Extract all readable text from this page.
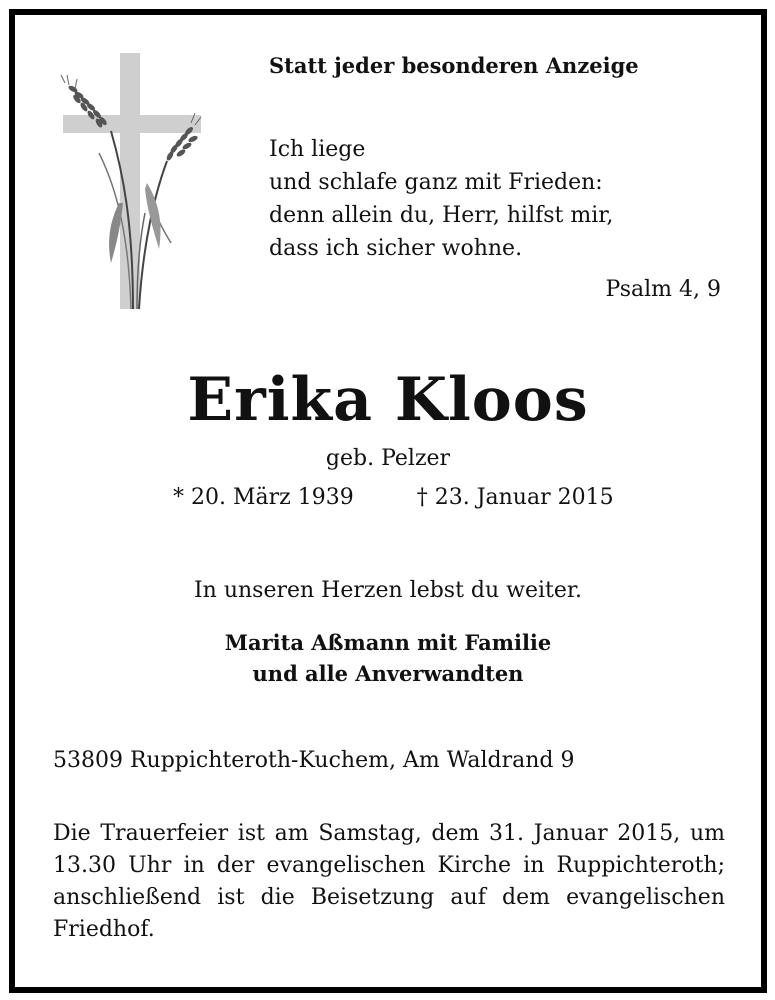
Statt jeder besonderen Anzeige
Ich liege
und schlafe ganz mit Frieden:
denn allein du, Herr, hilfst mir,
dass ich sicher wohne.
Psalm 4, 9
Erika Kloos
geb. Pelzer
* 20. März 1939	† 23. Januar 2015
In unseren Herzen lebst du weiter.
Marita Aßmann mit Familie
und alle Anverwandten
53809 Ruppichteroth-Kuchem, Am Waldrand 9
Die Trauerfeier ist am Samstag, dem 31. Januar 2015, um 13.30 Uhr in der evangelischen Kirche in Ruppichteroth; anschließend ist die Beisetzung auf dem evangelischen Friedhof.
